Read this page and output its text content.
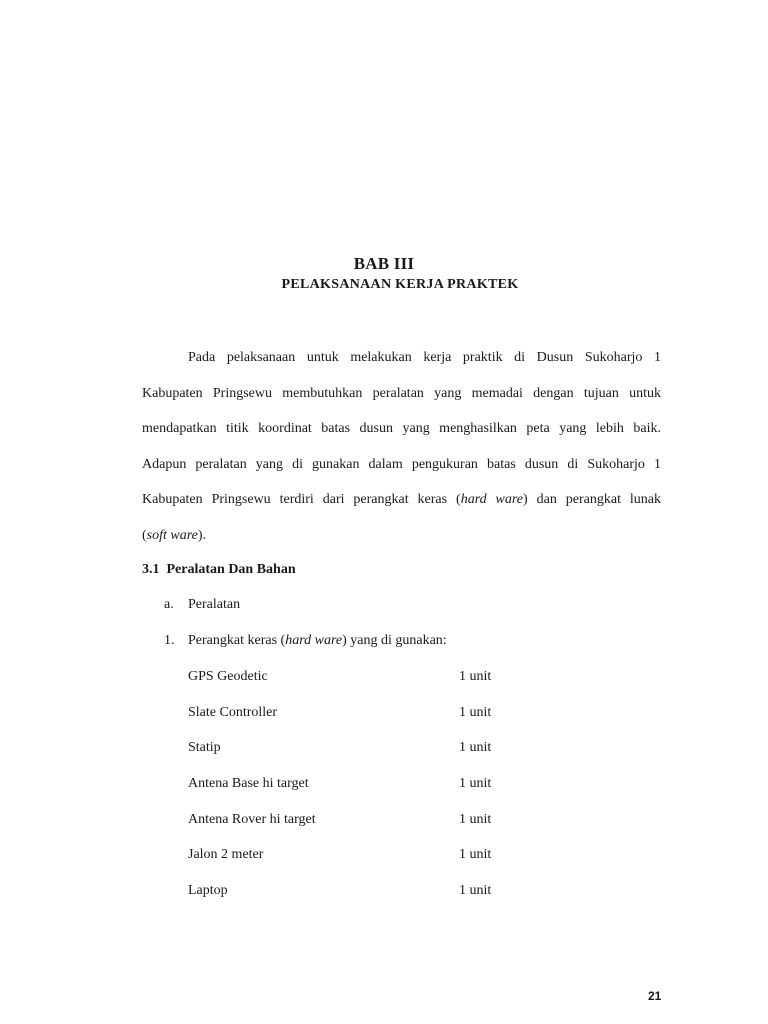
BAB III
PELAKSANAAN KERJA PRAKTEK
Pada pelaksanaan untuk melakukan kerja praktik di Dusun Sukoharjo 1
Kabupaten Pringsewu membutuhkan peralatan yang memadai dengan tujuan untuk
mendapatkan titik koordinat batas dusun yang menghasilkan peta yang lebih baik.
Adapun peralatan yang di gunakan dalam pengukuran batas dusun di Sukoharjo 1
Kabupaten Pringsewu terdiri dari perangkat keras (hard ware) dan perangkat lunak
(soft ware).
3.1  Peralatan Dan Bahan
a. Peralatan
1. Perangkat keras (hard ware) yang di gunakan:
GPS Geodetic	1 unit
Slate Controller	1 unit
Statip	1 unit
Antena Base hi target	1 unit
Antena Rover hi target	1 unit
Jalon 2 meter	1 unit
Laptop	1 unit
21
